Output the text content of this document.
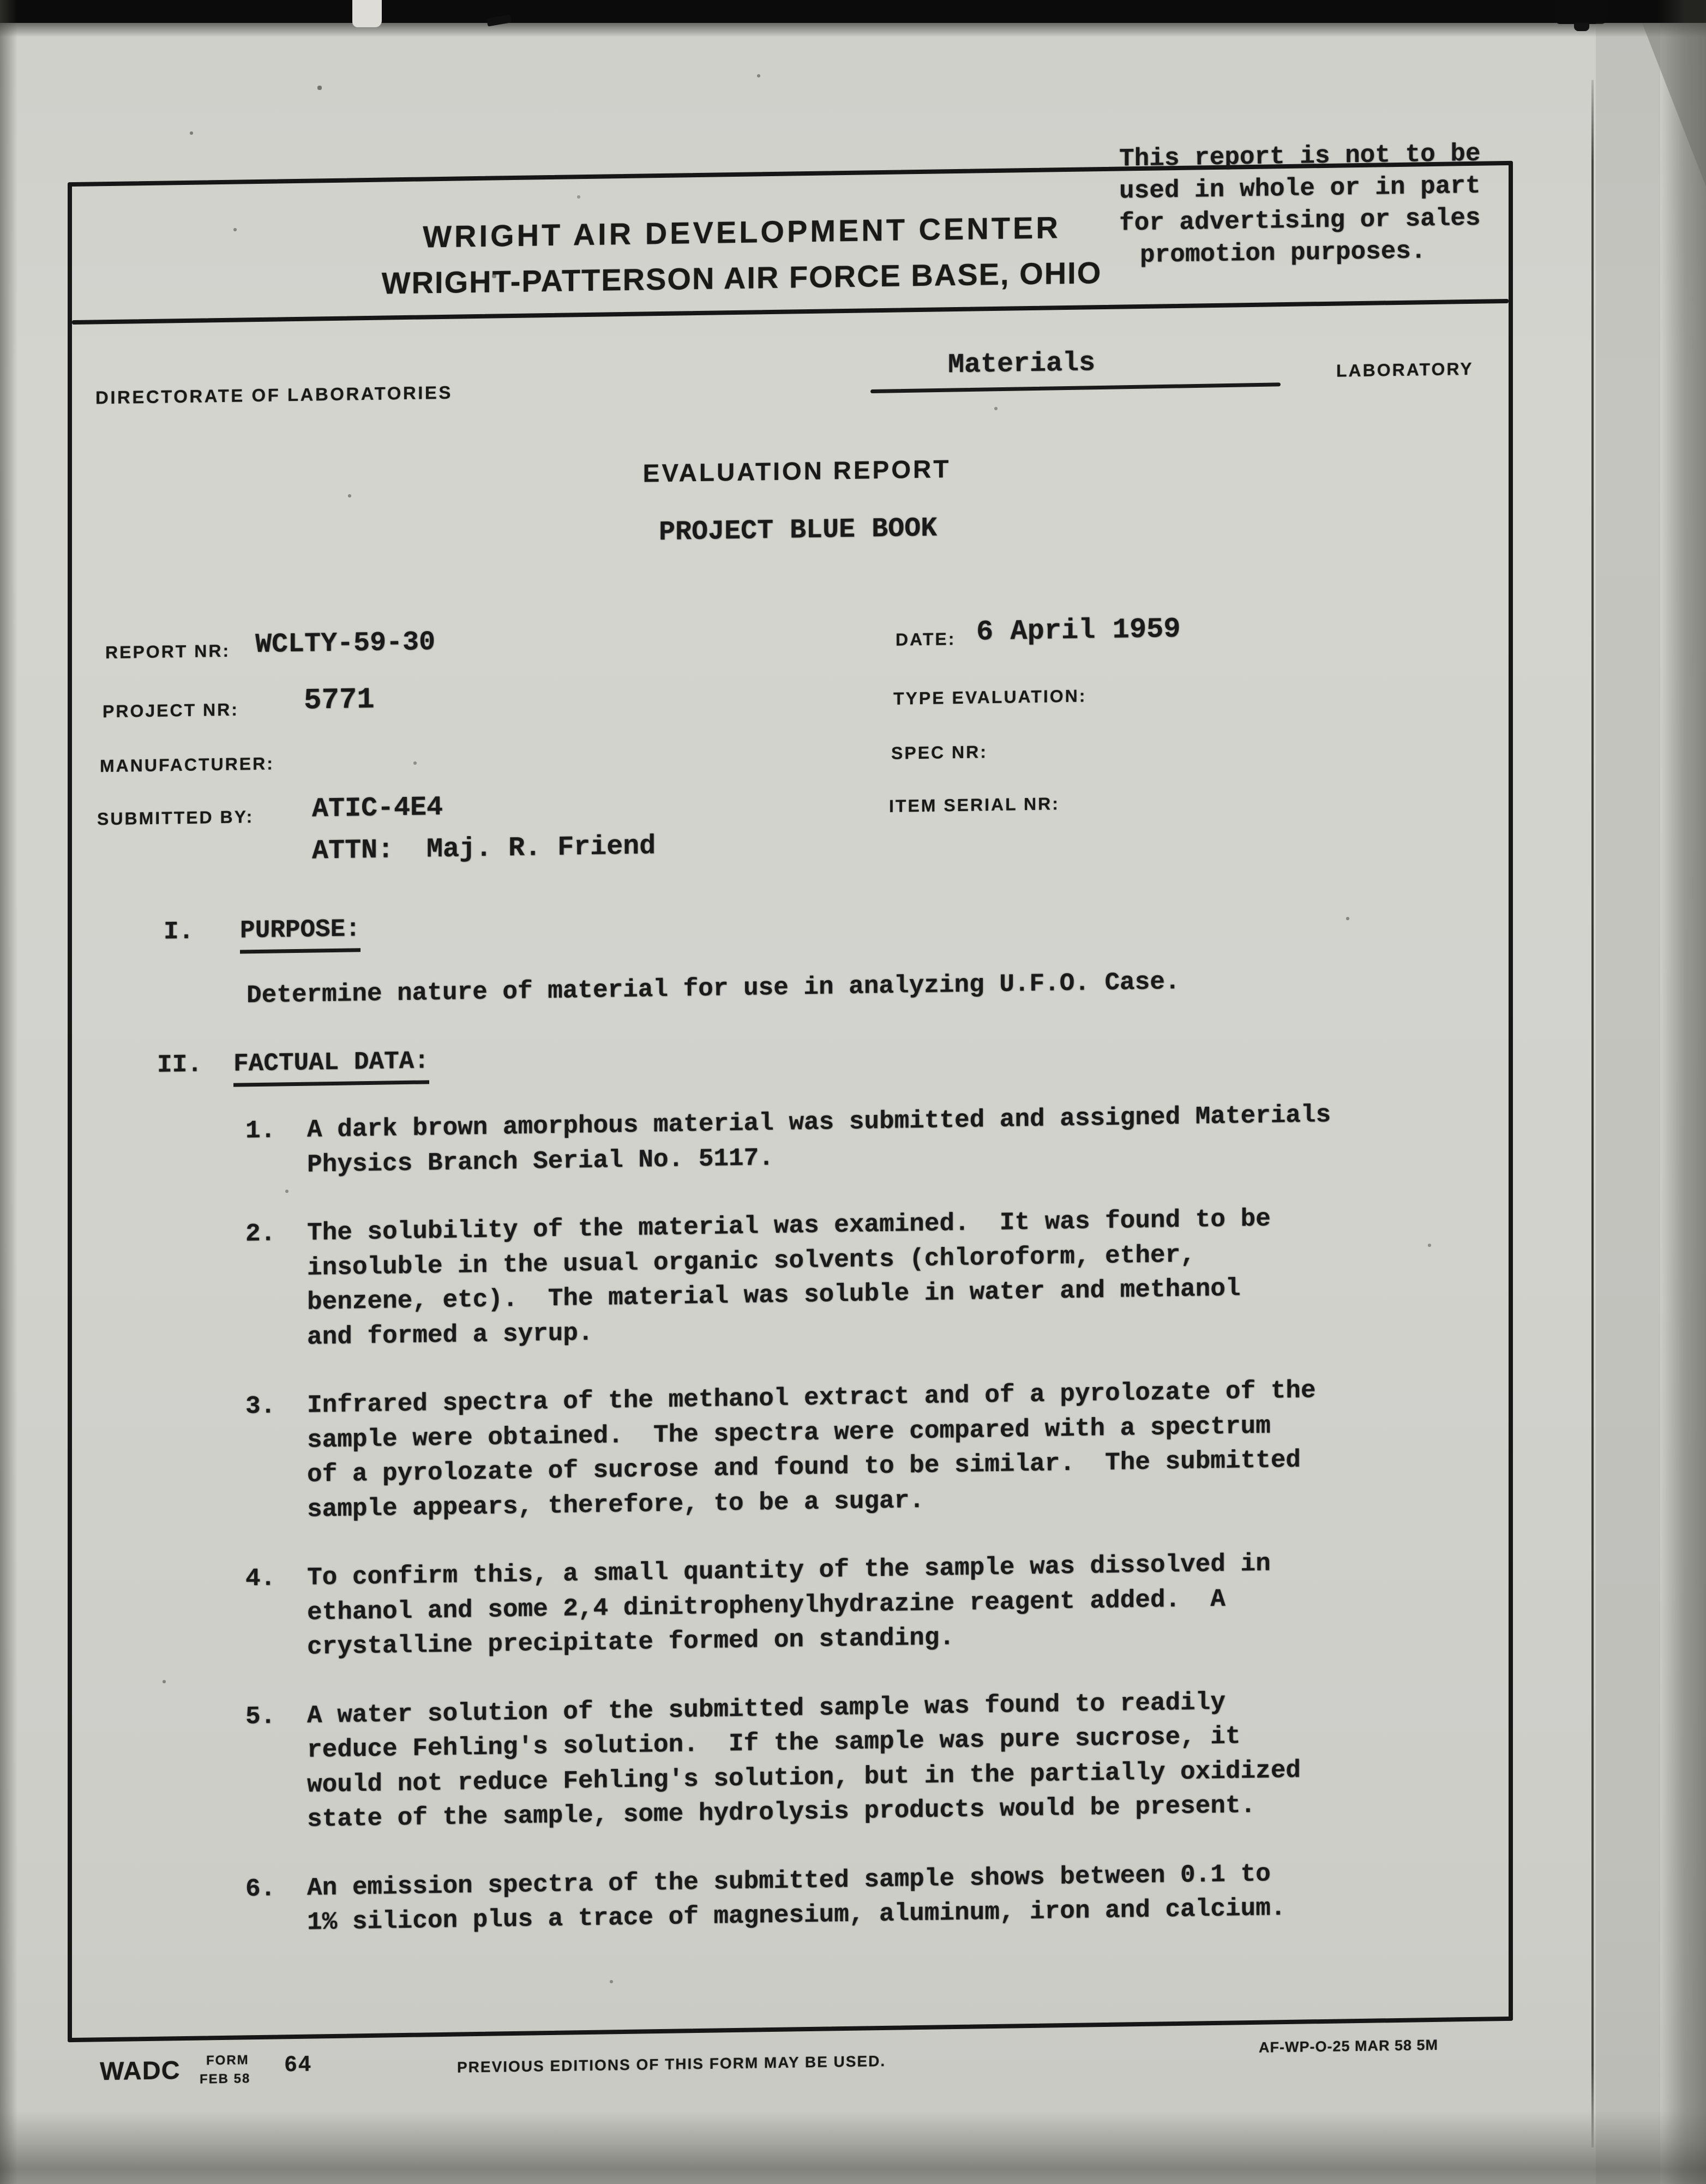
This report is not to be
used in whole or in part
for advertising or sales
promotion purposes.
WRIGHT AIR DEVELOPMENT CENTER
WRIGHT-PATTERSON AIR FORCE BASE, OHIO
DIRECTORATE OF LABORATORIES
Materials	LABORATORY
EVALUATION REPORT
PROJECT BLUE BOOK
REPORT NR: WCLTY-59-30
PROJECT NR: 5771
MANUFACTURER:
SUBMITTED BY: ATIC-4E4
ATTN:  Maj. R. Friend
DATE: 6 April 1959
TYPE EVALUATION:
SPEC NR:
ITEM SERIAL NR:
I. PURPOSE:
Determine nature of material for use in analyzing U.F.O. Case.
II. FACTUAL DATA:
1.	A dark brown amorphous material was submitted and assigned Materials
Physics Branch Serial No. 5117.
2.	The solubility of the material was examined.  It was found to be
insoluble in the usual organic solvents (chloroform, ether,
benzene, etc).  The material was soluble in water and methanol
and formed a syrup.
3.	Infrared spectra of the methanol extract and of a pyrolozate of the
sample were obtained.  The spectra were compared with a spectrum
of a pyrolozate of sucrose and found to be similar.  The submitted
sample appears, therefore, to be a sugar.
4.	To confirm this, a small quantity of the sample was dissolved in
ethanol and some 2,4 dinitrophenylhydrazine reagent added.  A
crystalline precipitate formed on standing.
5.	A water solution of the submitted sample was found to readily
reduce Fehling's solution.  If the sample was pure sucrose, it
would not reduce Fehling's solution, but in the partially oxidized
state of the sample, some hydrolysis products would be present.
6.	An emission spectra of the submitted sample shows between 0.1 to
1% silicon plus a trace of magnesium, aluminum, iron and calcium.
AF-WP-O-25 MAR 58 5M
WADC FORM
FEB 58
64	PREVIOUS EDITIONS OF THIS FORM MAY BE USED.
